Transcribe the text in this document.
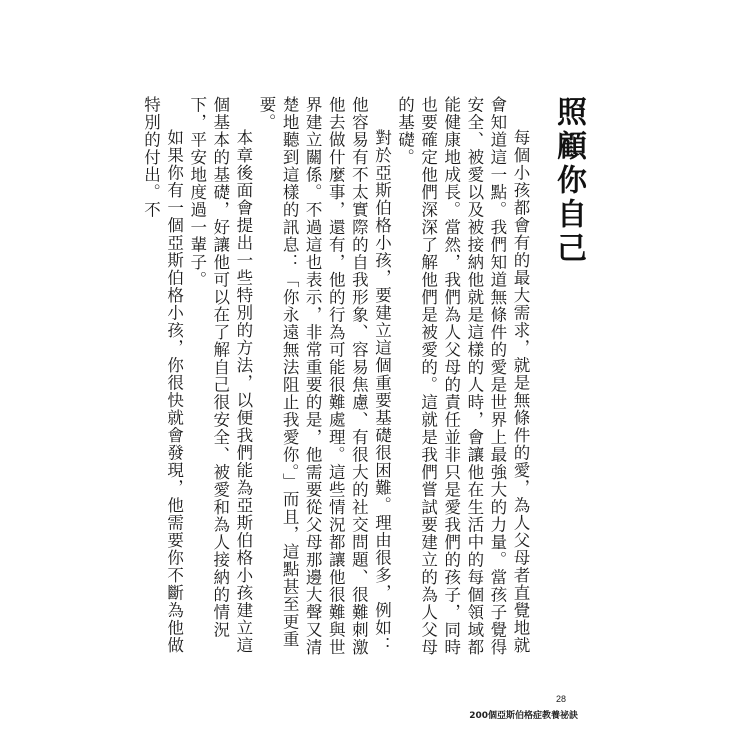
照顧你自己

每個小孩都會有的最大需求，就是無條件的愛，為人父母者直覺地就會知道這一點。我們知道無條件的愛是世界上最強大的力量。當孩子覺得安全、被愛以及被接納他就是這樣的人時，會讓他在生活中的每個領域都能健康地成長。當然，我們為人父母的責任並非只是愛我們的孩子，同時也要確定他們深深了解他們是被愛的。這就是我們嘗試要建立的為人父母的基礎。

對於亞斯伯格小孩，要建立這個重要基礎很困難。理由很多，例如：他容易有不太實際的自我形象、容易焦慮、有很大的社交問題、很難刺激他去做什麼事，還有，他的行為可能很難處理。這些情況都讓他很難與世界建立關係。不過這也表示，非常重要的是，他需要從父母那邊大聲又清楚地聽到這樣的訊息：「你永遠無法阻止我愛你。」而且，這點甚至更重要。

本章後面會提出一些特別的方法，以便我們能為亞斯伯格小孩建立這個基本的基礎，好讓他可以在了解自己很安全、被愛和為人接納的情況下，平安地度過一輩子。

如果你有一個亞斯伯格小孩，你很快就會發現，他需要你不斷為他做特別的付出。不

28
200個亞斯伯格症教養祕訣
